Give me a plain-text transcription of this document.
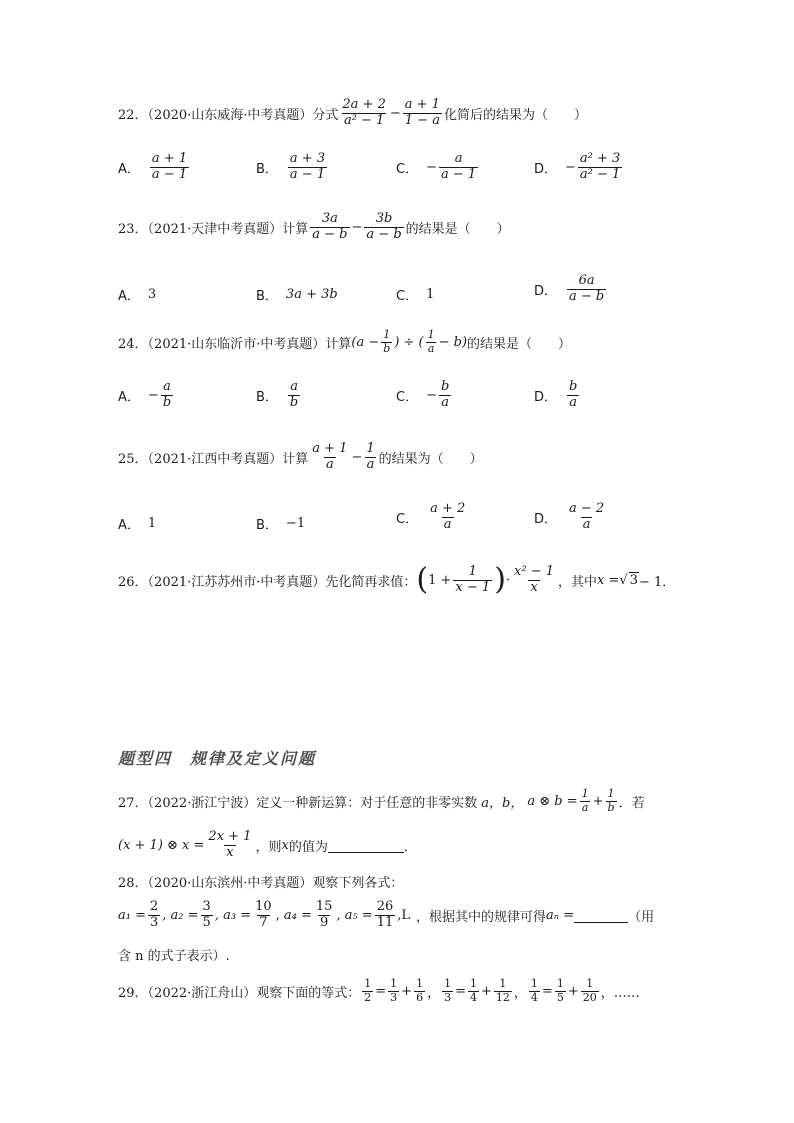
22．（2020·山东威海·中考真题）分式 $\frac{2a + 2}{\text{a² − 1}} - \frac{a + 1}{1 - a}$ 化简后的结果为（　　）
A． $\frac{a + 1}{a - 1}$	B． $\frac{a + 3}{a - 1}$	C． − $\frac{a}{a - 1}$	D． − $\frac{\text{a² + 3}}{\text{a² − 1}}$
23．（2021·天津中考真题）计算 $\frac{3a}{a - b} - \frac{3b}{a - b}$ 的结果是（　　）
A． 3	B． 3a + 3b	C． 1	D． $\frac{6a}{a - b}$
24．（2021·山东临沂市·中考真题）计算 ($a - \frac{1}{b}$ ) ÷ ( $\frac{1}{a} - b$) 的结果是（　　）
A． − $\frac{a}{b}$	B． $\frac{a}{b}$	C． − $\frac{b}{a}$	D． $\frac{b}{a}$
25．（2021·江西中考真题）计算 $\frac{a + 1}{a} - \frac{1}{a}$ 的结果为（　　）
A． 1	B． −1	C． $\frac{a + 2}{a}$	D． $\frac{a - 2}{a}$
26．（2021·江苏苏州市·中考真题）先化简再求值： ( $1 + \frac{1}{x - 1}$ ) · $\frac{\text{x² − 1}}{x}$ ，其中 x = √ 3 − 1．
题型四　规律及定义问题
27．（2022·浙江宁波）定义一种新运算：对于任意的非零实数 a，b， a ⊗ $b = \frac{1}{a} + \frac{1}{b}$ ．若
(x + 1) ⊗ $x = \frac{2x + 1}{x}$ ，则 x 的值为
	．
28．（2020·山东滨州·中考真题）观察下列各式：
$a_1 = \frac{2}{3}$ , $a_2 = \frac{3}{5}$ , $a_3 = \frac{10}{7}$ , $a_4 = \frac{15}{9}$ , $a_5 = \frac{26}{11} ,L$ ，根据其中的规律可得 aₙ =
	（用
含 n 的式子表示）.
29．（2022·浙江舟山）观察下面的等式： $\frac{1}{2} = \frac{1}{3} + \frac{1}{6}$ ， $\frac{1}{3} = \frac{1}{4} + \frac{1}{12}$ ， $\frac{1}{4} = \frac{1}{5} + \frac{1}{20}$ ，……
